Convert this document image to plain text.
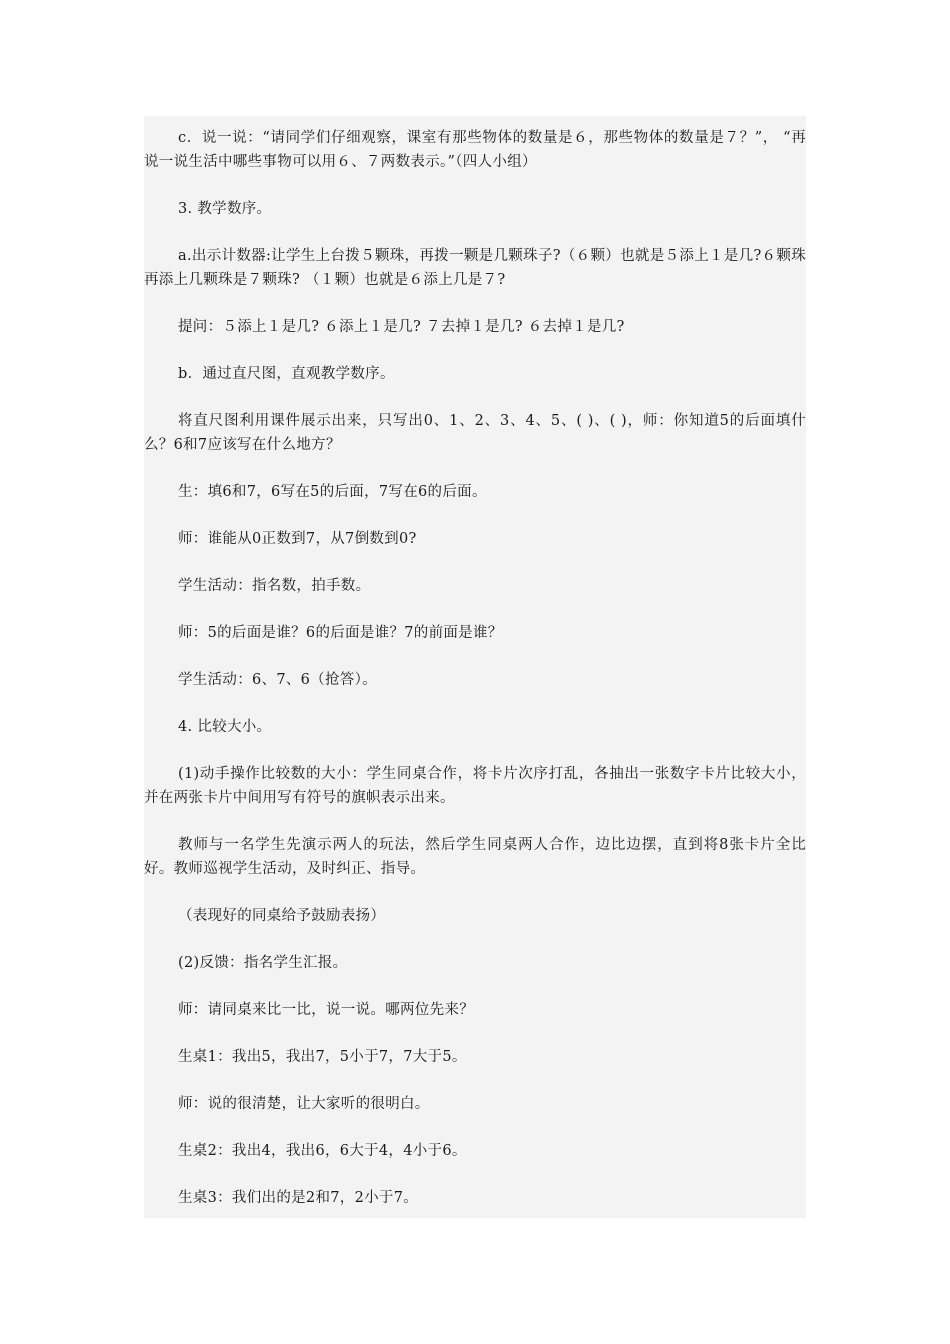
c．说一说：“请同学们仔细观察，课室有那些物体的数量是６，那些物体的数量是７？”， “再说一说生活中哪些事物可以用６、７两数表示。”（四人小组）

3. 教学数序。

a.出示计数器:让学生上台拨５颗珠，再拨一颗是几颗珠子?（６颗）也就是５添上１是几?６颗珠再添上几颗珠是７颗珠? （１颗）也就是６添上几是７?

提问：５添上１是几? ６添上１是几? ７去掉１是几? ６去掉１是几?

b．通过直尺图，直观教学数序。

将直尺图利用课件展示出来，只写出0、1、2、3、4、5、( )、( )，师：你知道5的后面填什么？6和7应该写在什么地方？

生：填6和7，6写在5的后面，7写在6的后面。

师：谁能从0正数到7，从7倒数到0?

学生活动：指名数，拍手数。

师：5的后面是谁？6的后面是谁？7的前面是谁？

学生活动：6、7、6（抢答）。

4. 比较大小。

(1)动手操作比较数的大小：学生同桌合作，将卡片次序打乱，各抽出一张数字卡片比较大小，并在两张卡片中间用写有符号的旗帜表示出来。

教师与一名学生先演示两人的玩法，然后学生同桌两人合作，边比边摆，直到将8张卡片全比好。教师巡视学生活动，及时纠正、指导。

（表现好的同桌给予鼓励表扬）

(2)反馈：指名学生汇报。

师：请同桌来比一比，说一说。哪两位先来？

生桌1：我出5，我出7，5小于7，7大于5。

师：说的很清楚，让大家听的很明白。

生桌2：我出4，我出6，6大于4，4小于6。

生桌3：我们出的是2和7，2小于7。
